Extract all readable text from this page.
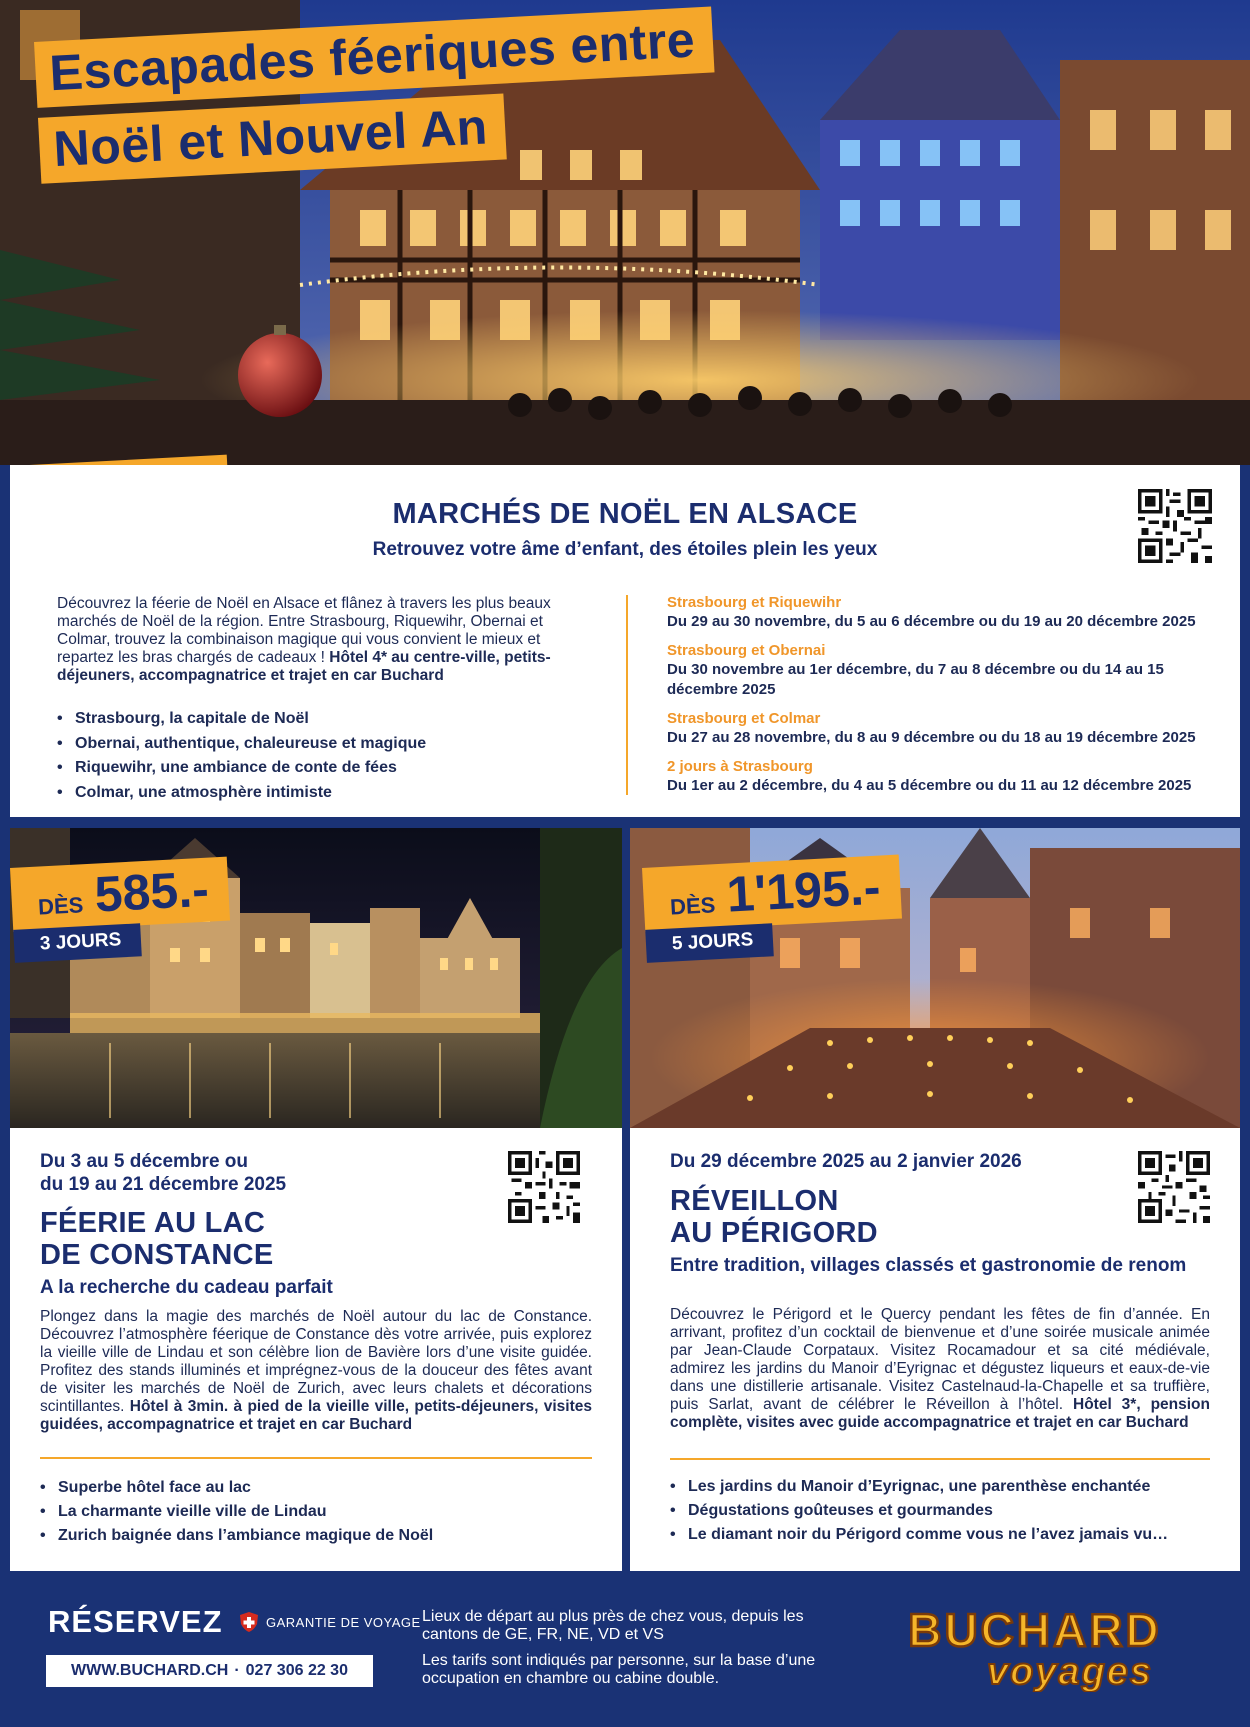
Escapades féeriques entre

Noël et Nouvel An
MARCHÉS DE NOËL EN ALSACE
Retrouvez votre âme d’enfant, des étoiles plein les yeux

Découvrez la féerie de Noël en Alsace et flânez à travers les plus beaux marchés de Noël de la région. Entre Strasbourg, Riquewihr, Obernai et Colmar, trouvez la combinaison magique qui vous convient le mieux et repartez les bras chargés de cadeaux ! Hôtel 4* au centre-ville, petits-déjeuners, accompagnatrice et trajet en car Buchard

• Strasbourg, la capitale de Noël
• Obernai, authentique, chaleureuse et magique
• Riquewihr, une ambiance de conte de fées
• Colmar, une atmosphère intimiste
Strasbourg et Riquewihr
Du 29 au 30 novembre, du 5 au 6 décembre ou du 19 au 20 décembre 2025
Strasbourg et Obernai
Du 30 novembre au 1er décembre, du 7 au 8 décembre ou du 14 au 15 décembre 2025
Strasbourg et Colmar
Du 27 au 28 novembre, du 8 au 9 décembre ou du 18 au 19 décembre 2025
2 jours à Strasbourg
Du 1er au 2 décembre, du 4 au 5 décembre ou du 11 au 12 décembre 2025
DÈS 585.-
3 JOURS
DÈS 1'195.-
5 JOURS
Du 3 au 5 décembre ou
du 19 au 21 décembre 2025
FÉERIE AU LAC
DE CONSTANCE
A la recherche du cadeau parfait
Plongez dans la magie des marchés de Noël autour du lac de Constance. Découvrez l’atmosphère féerique de Constance dès votre arrivée, puis explorez la vieille ville de Lindau et son célèbre lion de Bavière lors d’une visite guidée. Profitez des stands illuminés et imprégnez-vous de la douceur des fêtes avant de visiter les marchés de Noël de Zurich, avec leurs chalets et décorations scintillantes. Hôtel à 3min. à pied de la vieille ville, petits-déjeuners, visites guidées, accompagnatrice et trajet en car Buchard
• Superbe hôtel face au lac
• La charmante vieille ville de Lindau
• Zurich baignée dans l’ambiance magique de Noël
Du 29 décembre 2025 au 2 janvier 2026
RÉVEILLON
AU PÉRIGORD
Entre tradition, villages classés et gastronomie de renom
Découvrez le Périgord et le Quercy pendant les fêtes de fin d’année. En arrivant, profitez d’un cocktail de bienvenue et d’une soirée musicale animée par Jean-Claude Corpataux. Visitez Rocamadour et sa cité médiévale, admirez les jardins du Manoir d’Eyrignac et dégustez liqueurs et eaux-de-vie dans une distillerie artisanale. Visitez Castelnaud-la-Chapelle et sa truffière, puis Sarlat, avant de célébrer le Réveillon à l’hôtel. Hôtel 3*, pension complète, visites avec guide accompagnatrice et trajet en car Buchard
• Les jardins du Manoir d’Eyrignac, une parenthèse enchantée
• Dégustations goûteuses et gourmandes
• Le diamant noir du Périgord comme vous ne l’avez jamais vu…
RÉSERVEZ	GARANTIE DE VOYAGE
WWW.BUCHARD.CH · 027 306 22 30

Lieux de départ au plus près de chez vous, depuis les cantons de GE, FR, NE, VD et VS

Les tarifs sont indiqués par personne, sur la base d’une occupation en chambre ou cabine double.

BUCHARD
voyages
